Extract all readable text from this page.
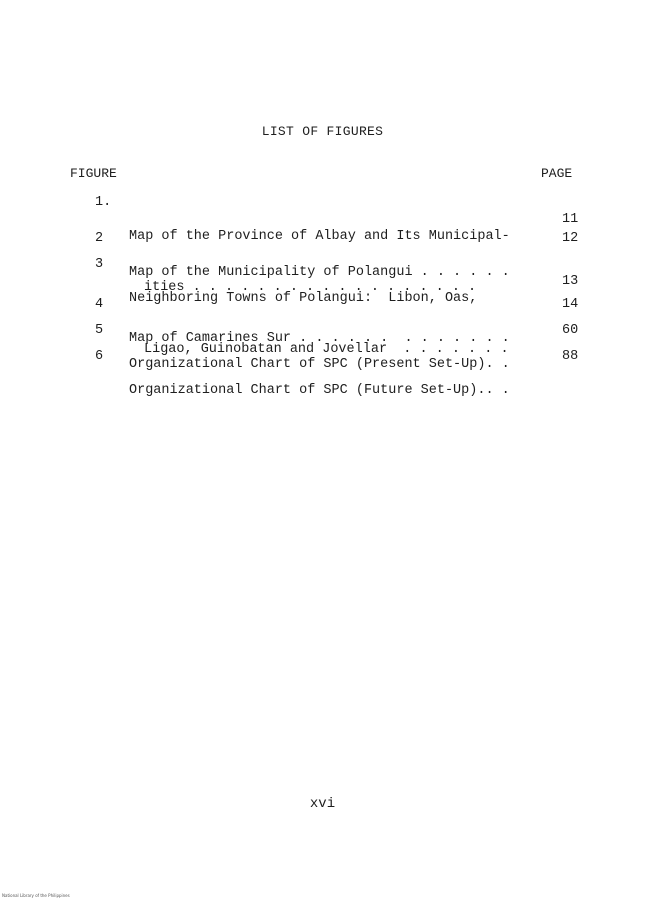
LIST OF FIGURES
FIGURE	PAGE
1.

Map of the Province of Albay and Its Municipal-

ities . . . . . . . . . . . . . . . . . .

11
2

Map of the Municipality of Polangui . . . . . .

12
3

Neighboring Towns of Polangui:  Libon, Oas,

Ligao, Guinobatan and Jovellar  . . . . . . .

13
4

Map of Camarines Sur . . . . . .  . . . . . . .

14
5

Organizational Chart of SPC (Present Set-Up). .

60
6

Organizational Chart of SPC (Future Set-Up).. .

88
xvi
National Library of the Philippines
